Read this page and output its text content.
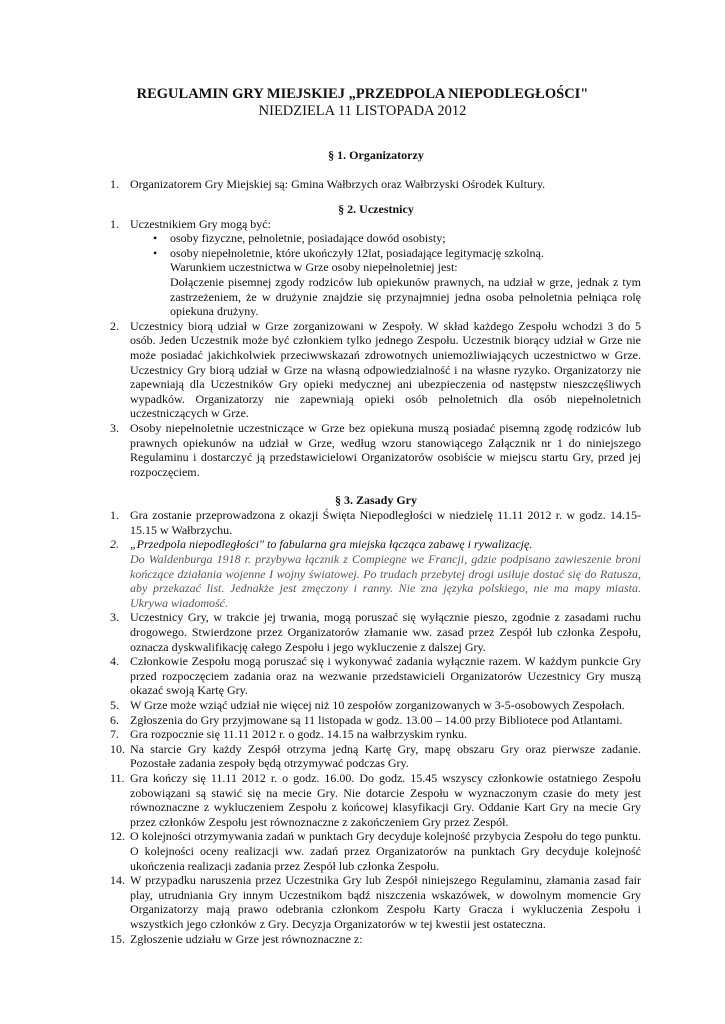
REGULAMIN GRY MIEJSKIEJ „PRZEDPOLA NIEPODLEGŁOŚCI"
NIEDZIELA 11 LISTOPADA 2012
§ 1. Organizatorzy
1. Organizatorem Gry Miejskiej są: Gmina Wałbrzych oraz Wałbrzyski Ośrodek Kultury.
§ 2. Uczestnicy
1. Uczestnikiem Gry mogą być:
• osoby fizyczne, pełnoletnie, posiadające dowód osobisty;
• osoby niepełnoletnie, które ukończyły 12lat, posiadające legitymację szkolną.
Warunkiem uczestnictwa w Grze osoby niepełnoletniej jest:
Dołączenie pisemnej zgody rodziców lub opiekunów prawnych, na udział w grze, jednak z tym zastrzeżeniem, że w drużynie znajdzie się przynajmniej jedna osoba pełnoletnia pełniąca rolę opiekuna drużyny.
2. Uczestnicy biorą udział w Grze zorganizowani w Zespoły. W skład każdego Zespołu wchodzi 3 do 5 osób. Jeden Uczestnik może być członkiem tylko jednego Zespołu. Uczestnik biorący udział w Grze nie może posiadać jakichkolwiek przeciwwskazań zdrowotnych uniemożliwiających uczestnictwo w Grze. Uczestnicy Gry biorą udział w Grze na własną odpowiedzialność i na własne ryzyko. Organizatorzy nie zapewniają dla Uczestników Gry opieki medycznej ani ubezpieczenia od następstw nieszczęśliwych wypadków. Organizatorzy nie zapewniają opieki osób pełnoletnich dla osób niepełnoletnich uczestniczących w Grze.
3. Osoby niepełnoletnie uczestniczące w Grze bez opiekuna muszą posiadać pisemną zgodę rodziców lub prawnych opiekunów na udział w Grze, według wzoru stanowiącego Załącznik nr 1 do niniejszego Regulaminu i dostarczyć ją przedstawicielowi Organizatorów osobiście w miejscu startu Gry, przed jej rozpoczęciem.
§ 3. Zasady Gry
1. Gra zostanie przeprowadzona z okazji Święta Niepodległości w niedzielę 11.11 2012 r. w godz. 14.15-15.15 w Wałbrzychu.
2. „Przedpola niepodległości" to fabularna gra miejska łącząca zabawę i rywalizację.
Do Waldenburga 1918 r. przybywa łącznik z Compiegne we Francji, gdzie podpisano zawieszenie broni kończące działania wojenne I wojny światowej. Po trudach przebytej drogi usiłuje dostać się do Ratusza, aby przekazać list. Jednakże jest zmęczony i ranny. Nie zna języka polskiego, nie ma mapy miasta. Ukrywa wiadomość.
3. Uczestnicy Gry, w trakcie jej trwania, mogą poruszać się wyłącznie pieszo, zgodnie z zasadami ruchu drogowego. Stwierdzone przez Organizatorów złamanie ww. zasad przez Zespół lub członka Zespołu, oznacza dyskwalifikację całego Zespołu i jego wykluczenie z dalszej Gry.
4. Członkowie Zespołu mogą poruszać się i wykonywać zadania wyłącznie razem. W każdym punkcie Gry przed rozpoczęciem zadania oraz na wezwanie przedstawicieli Organizatorów Uczestnicy Gry muszą okazać swoją Kartę Gry.
5. W Grze może wziąć udział nie więcej niż 10 zespołów zorganizowanych w 3-5-osobowych Zespołach.
6. Zgłoszenia do Gry przyjmowane są 11 listopada w godz. 13.00 – 14.00 przy Bibliotece pod Atlantami.
7. Gra rozpocznie się 11.11 2012 r. o godz. 14.15 na wałbrzyskim rynku.
10. Na starcie Gry każdy Zespół otrzyma jedną Kartę Gry, mapę obszaru Gry oraz pierwsze zadanie. Pozostałe zadania zespoły będą otrzymywać podczas Gry.
11. Gra kończy się 11.11 2012 r. o godz. 16.00. Do godz. 15.45 wszyscy członkowie ostatniego Zespołu zobowiązani są stawić się na mecie Gry. Nie dotarcie Zespołu w wyznaczonym czasie do mety jest równoznaczne z wykluczeniem Zespołu z końcowej klasyfikacji Gry. Oddanie Kart Gry na mecie Gry przez członków Zespołu jest równoznaczne z zakończeniem Gry przez Zespół.
12. O kolejności otrzymywania zadań w punktach Gry decyduje kolejność przybycia Zespołu do tego punktu. O kolejności oceny realizacji ww. zadań przez Organizatorów na punktach Gry decyduje kolejność ukończenia realizacji zadania przez Zespół lub członka Zespołu.
14. W przypadku naruszenia przez Uczestnika Gry lub Zespół niniejszego Regulaminu, złamania zasad fair play, utrudniania Gry innym Uczestnikom bądź niszczenia wskazówek, w dowolnym momencie Gry Organizatorzy mają prawo odebrania członkom Zespołu Karty Gracza i wykluczenia Zespołu i wszystkich jego członków z Gry. Decyzja Organizatorów w tej kwestii jest ostateczna.
15. Zgłoszenie udziału w Grze jest równoznaczne z:
